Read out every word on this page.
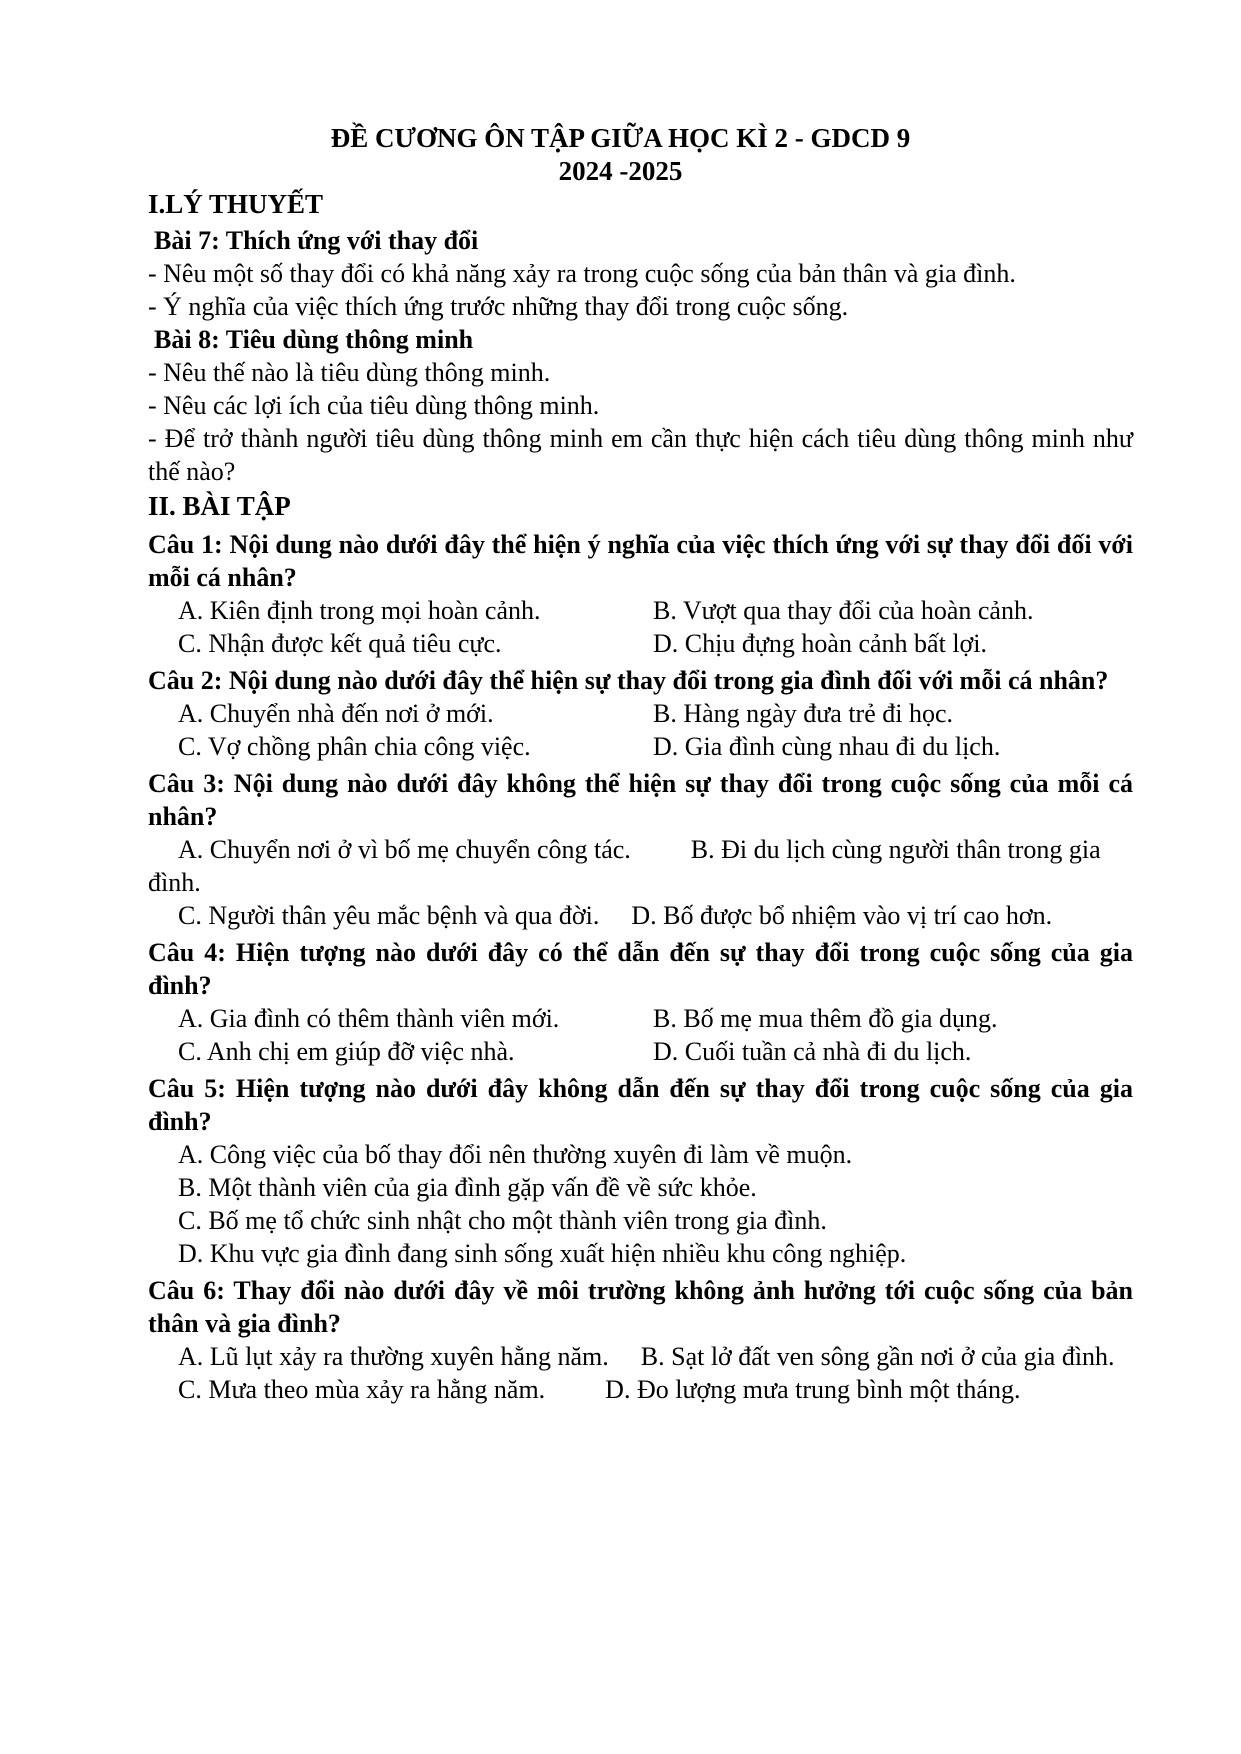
ĐỀ CƯƠNG ÔN TẬP GIỮA HỌC KÌ 2 - GDCD 9
2024 -2025
I.LÝ THUYẾT
Bài 7: Thích ứng với thay đổi
- Nêu một số thay đổi có khả năng xảy ra trong cuộc sống của bản thân và gia đình.
- Ý nghĩa của việc thích ứng trước những thay đổi trong cuộc sống.
Bài 8: Tiêu dùng thông minh
- Nêu thế nào là tiêu dùng thông minh.
- Nêu các lợi ích của tiêu dùng thông minh.
- Để trở thành người tiêu dùng thông minh em cần thực hiện cách tiêu dùng thông minh như thế nào?
II. BÀI TẬP
Câu 1: Nội dung nào dưới đây thể hiện ý nghĩa của việc thích ứng với sự thay đổi đối với mỗi cá nhân?
A. Kiên định trong mọi hoàn cảnh.	B. Vượt qua thay đổi của hoàn cảnh.
C. Nhận được kết quả tiêu cực.	D. Chịu đựng hoàn cảnh bất lợi.
Câu 2: Nội dung nào dưới đây thể hiện sự thay đổi trong gia đình đối với mỗi cá nhân?
A. Chuyển nhà đến nơi ở mới.	B. Hàng ngày đưa trẻ đi học.
C. Vợ chồng phân chia công việc.	D. Gia đình cùng nhau đi du lịch.
Câu 3: Nội dung nào dưới đây không thể hiện sự thay đổi trong cuộc sống của mỗi cá nhân?
A. Chuyển nơi ở vì bố mẹ chuyển công tác. B. Đi du lịch cùng người thân trong gia đình.
C. Người thân yêu mắc bệnh và qua đời. D. Bố được bổ nhiệm vào vị trí cao hơn.
Câu 4: Hiện tượng nào dưới đây có thể dẫn đến sự thay đổi trong cuộc sống của gia đình?
A. Gia đình có thêm thành viên mới.	B. Bố mẹ mua thêm đồ gia dụng.
C. Anh chị em giúp đỡ việc nhà.	D. Cuối tuần cả nhà đi du lịch.
Câu 5: Hiện tượng nào dưới đây không dẫn đến sự thay đổi trong cuộc sống của gia đình?
A. Công việc của bố thay đổi nên thường xuyên đi làm về muộn.
B. Một thành viên của gia đình gặp vấn đề về sức khỏe.
C. Bố mẹ tổ chức sinh nhật cho một thành viên trong gia đình.
D. Khu vực gia đình đang sinh sống xuất hiện nhiều khu công nghiệp.
Câu 6: Thay đổi nào dưới đây về môi trường không ảnh hưởng tới cuộc sống của bản thân và gia đình?
A. Lũ lụt xảy ra thường xuyên hằng năm. B. Sạt lở đất ven sông gần nơi ở của gia đình.
C. Mưa theo mùa xảy ra hằng năm. D. Đo lượng mưa trung bình một tháng.
